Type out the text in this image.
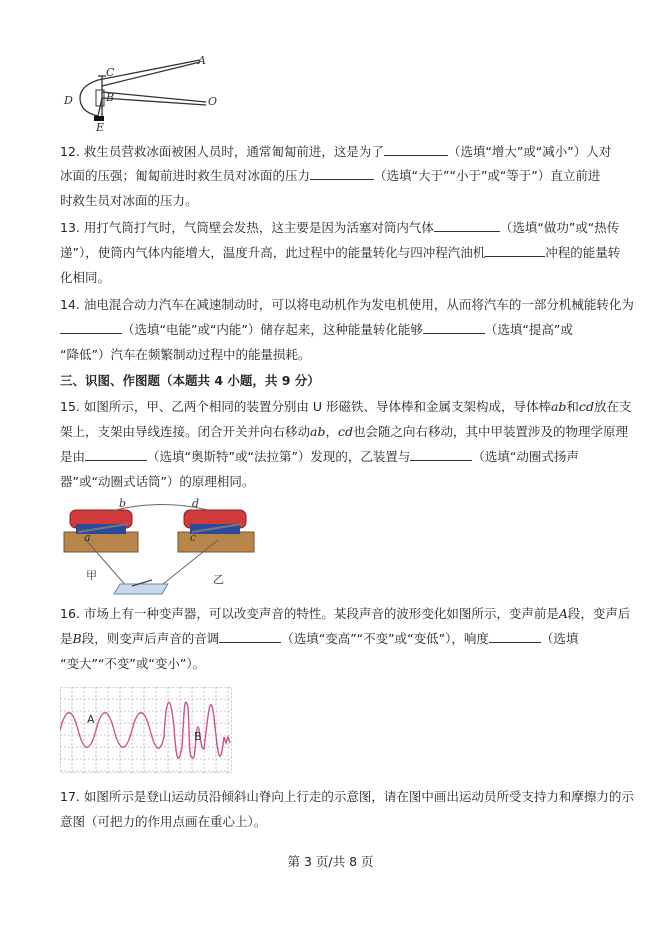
A
C
D	B	O
E
12. 救生员营救冰面被困人员时，通常匍匐前进，这是为了	（选填“增大”或“减小”）人对
冰面的压强；匍匐前进时救生员对冰面的压力	（选填“大于”“小于”或“等于”）直立前进
时救生员对冰面的压力。
13. 用打气筒打气时，气筒壁会发热，这主要是因为活塞对筒内气体	（选填“做功”或“热传
递”），使筒内气体内能增大，温度升高，此过程中的能量转化与四冲程汽油机	冲程的能量转
化相同。
14. 油电混合动力汽车在减速制动时，可以将电动机作为发电机使用，从而将汽车的一部分机械能转化为
（选填“电能”或“内能”）储存起来，这种能量转化能够	（选填“提高”或
“降低”）汽车在频繁制动过程中的能量损耗。
三、识图、作图题（本题共 4 小题，共 9 分）
15. 如图所示，甲、乙两个相同的装置分别由 U 形磁铁、导体棒和金属支架构成，导体棒ab和cd放在支
架上，支架由导线连接。闭合开关并向右移动ab，cd也会随之向右移动，其中甲装置涉及的物理学原理
是由	（选填“奥斯特”或“法拉第”）发现的，乙装置与	（选填“动圈式扬声
器”或“动圈式话筒”）的原理相同。
b	d
a	c
甲	乙
16. 市场上有一种变声器，可以改变声音的特性。某段声音的波形变化如图所示，变声前是A段，变声后
是B段，则变声后声音的音调	（选填“变高”“不变”或“变低”），响度	（选填
“变大”“不变”或“变小”）。
A
B
17. 如图所示是登山运动员沿倾斜山脊向上行走的示意图，请在图中画出运动员所受支持力和摩擦力的示
意图（可把力的作用点画在重心上）。
第 3 页/共 8 页
